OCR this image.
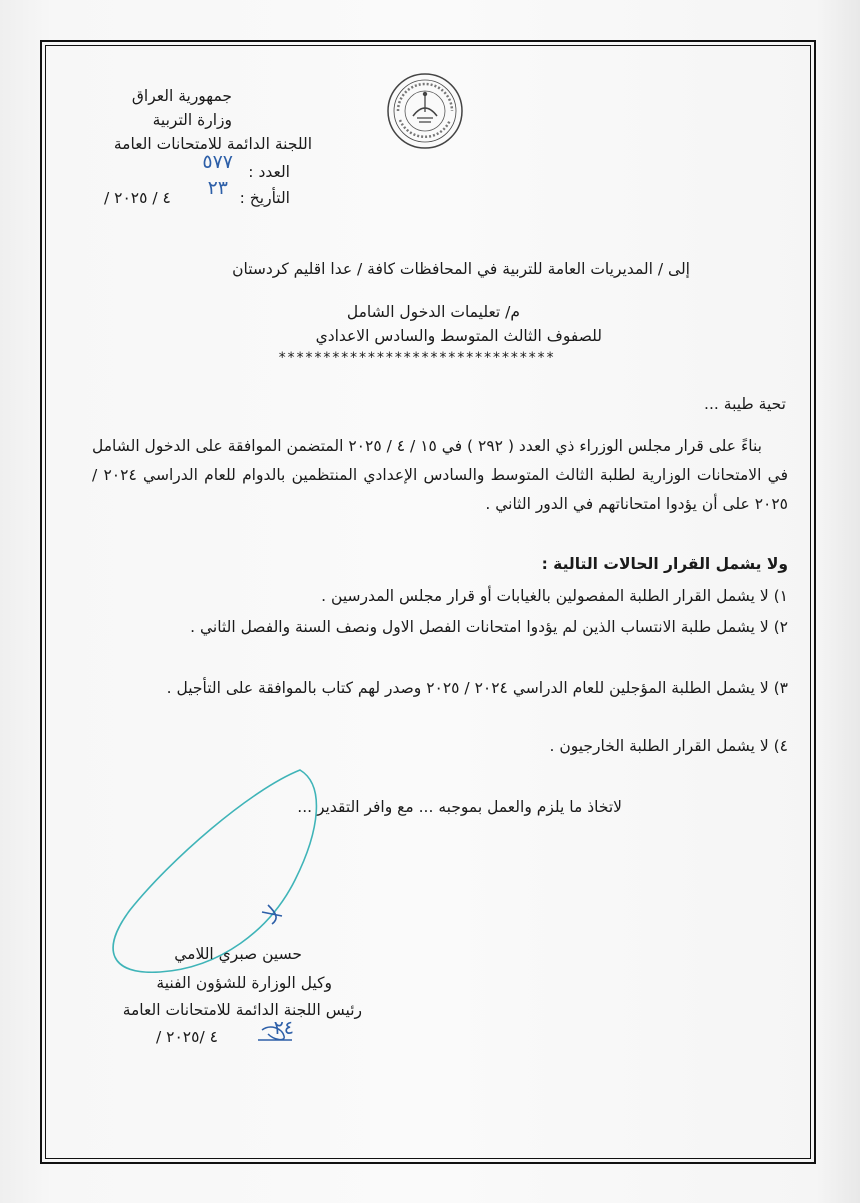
جمهورية العراق
وزارة التربية
اللجنة الدائمة للامتحانات العامة
العدد :
٥٧٧
التأريخ :
٢٣
/ ٤ / ٢٠٢٥
إلى / المديريات العامة للتربية في المحافظات كافة / عدا اقليم كردستان
م/ تعليمات الدخول الشامل
للصفوف الثالث المتوسط والسادس الاعدادي
*******************************
تحية طيبة ...
بناءً على قرار مجلس الوزراء ذي العدد ( ٢٩٢ ) في ١٥ / ٤ / ٢٠٢٥ المتضمن الموافقة على الدخول الشامل في الامتحانات الوزارية لطلبة الثالث المتوسط والسادس الإعدادي المنتظمين بالدوام للعام الدراسي ٢٠٢٤ / ٢٠٢٥ على أن يؤدوا امتحاناتهم في الدور الثاني .
ولا يشمل القرار الحالات التالية :
١) لا يشمل القرار الطلبة المفصولين بالغيابات أو قرار مجلس المدرسين .
٢) لا يشمل طلبة الانتساب الذين لم يؤدوا امتحانات الفصل الاول ونصف السنة والفصل الثاني .
٣) لا يشمل الطلبة المؤجلين للعام الدراسي ٢٠٢٤ / ٢٠٢٥ وصدر لهم كتاب بالموافقة على التأجيل .
٤) لا يشمل القرار الطلبة الخارجيون .
لاتخاذ ما يلزم والعمل بموجبه ... مع وافر التقدير ...
حسين صبري اللامي
وكيل الوزارة للشؤون الفنية
رئيس اللجنة الدائمة للامتحانات العامة
٢٤
/ ٤ /٢٠٢٥
